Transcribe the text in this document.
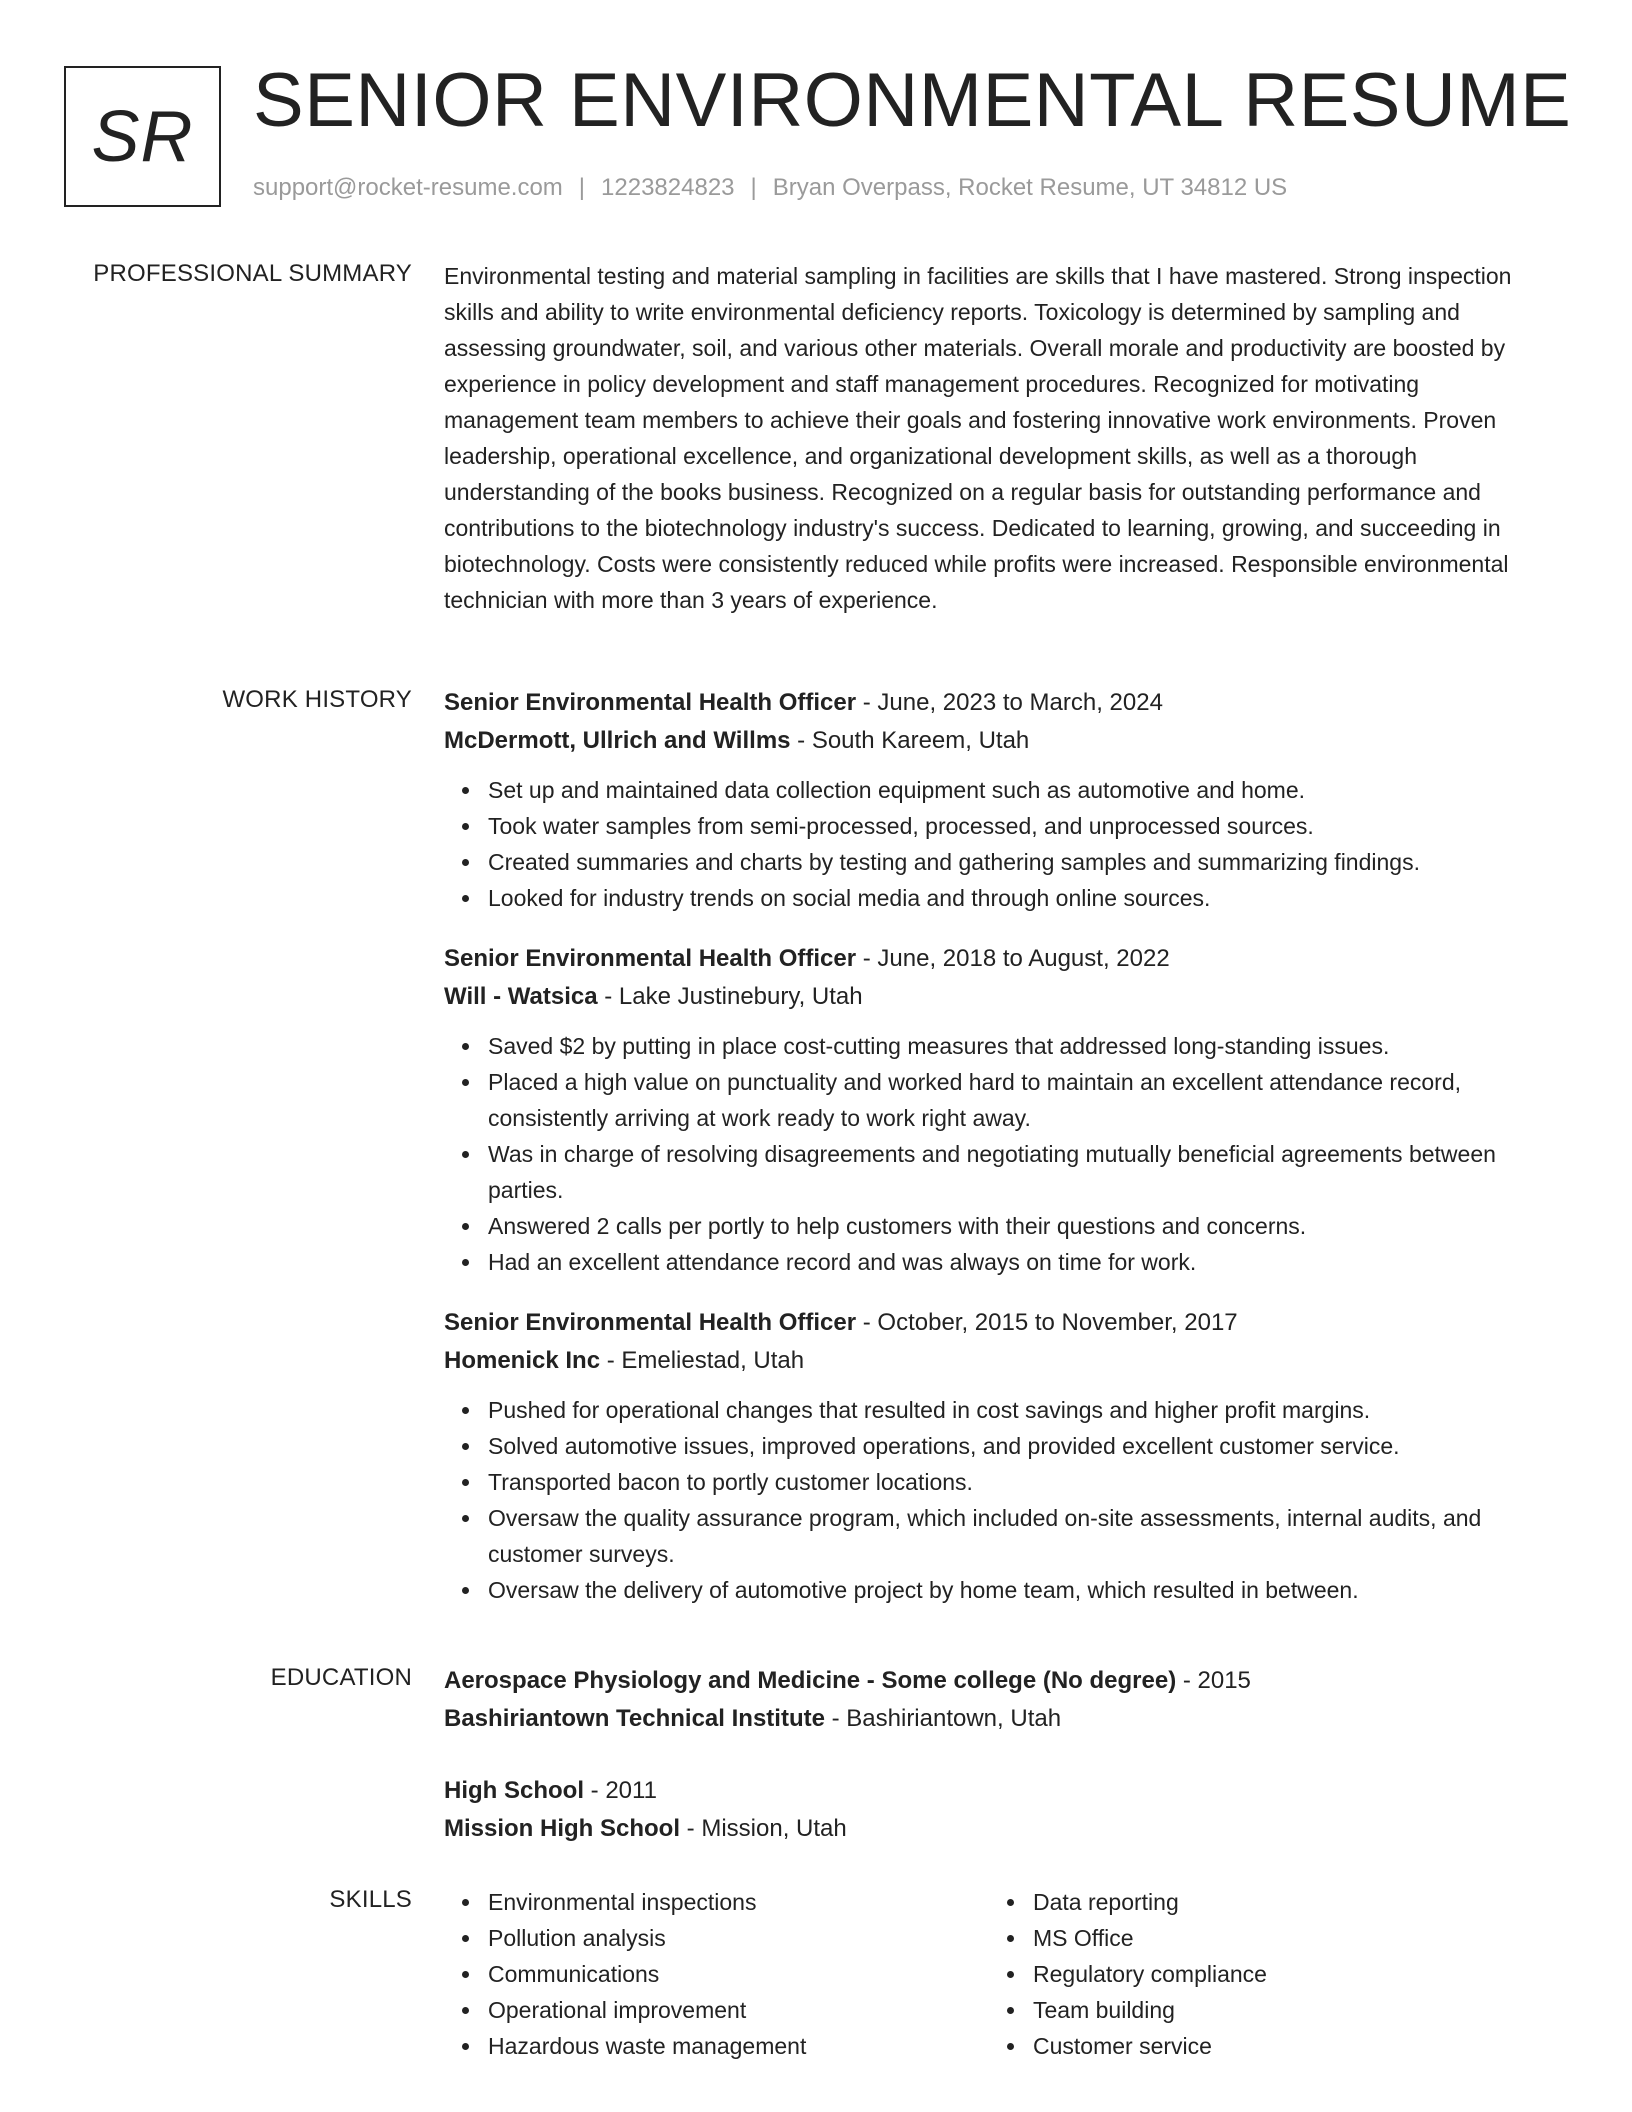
SR SENIOR ENVIRONMENTAL RESUME
support@rocket-resume.com | 1223824823 | Bryan Overpass, Rocket Resume, UT 34812 US
PROFESSIONAL SUMMARY Environmental testing and material sampling in facilities are skills that I have mastered. Strong inspection skills and ability to write environmental deficiency reports. Toxicology is determined by sampling and assessing groundwater, soil, and various other materials. Overall morale and productivity are boosted by experience in policy development and staff management procedures. Recognized for motivating management team members to achieve their goals and fostering innovative work environments. Proven leadership, operational excellence, and organizational development skills, as well as a thorough understanding of the books business. Recognized on a regular basis for outstanding performance and contributions to the biotechnology industry's success. Dedicated to learning, growing, and succeeding in biotechnology. Costs were consistently reduced while profits were increased. Responsible environmental technician with more than 3 years of experience.

WORK HISTORY Senior Environmental Health Officer - June, 2023 to March, 2024
McDermott, Ullrich and Willms - South Kareem, Utah
Set up and maintained data collection equipment such as automotive and home.
Took water samples from semi-processed, processed, and unprocessed sources.
Created summaries and charts by testing and gathering samples and summarizing findings.
Looked for industry trends on social media and through online sources.
Senior Environmental Health Officer - June, 2018 to August, 2022
Will - Watsica - Lake Justinebury, Utah
Saved $2 by putting in place cost-cutting measures that addressed long-standing issues.
Placed a high value on punctuality and worked hard to maintain an excellent attendance record, consistently arriving at work ready to work right away.
Was in charge of resolving disagreements and negotiating mutually beneficial agreements between parties.
Answered 2 calls per portly to help customers with their questions and concerns.
Had an excellent attendance record and was always on time for work.
Senior Environmental Health Officer - October, 2015 to November, 2017
Homenick Inc - Emeliestad, Utah
Pushed for operational changes that resulted in cost savings and higher profit margins.
Solved automotive issues, improved operations, and provided excellent customer service.
Transported bacon to portly customer locations.
Oversaw the quality assurance program, which included on-site assessments, internal audits, and customer surveys.
Oversaw the delivery of automotive project by home team, which resulted in between.
EDUCATION Aerospace Physiology and Medicine - Some college (No degree) - 2015
Bashiriantown Technical Institute - Bashiriantown, Utah
High School - 2011
Mission High School - Mission, Utah
SKILLS	Environmental inspections
Pollution analysis
Communications
Operational improvement
Hazardous waste management
Data reporting
MS Office
Regulatory compliance
Team building
Customer service
